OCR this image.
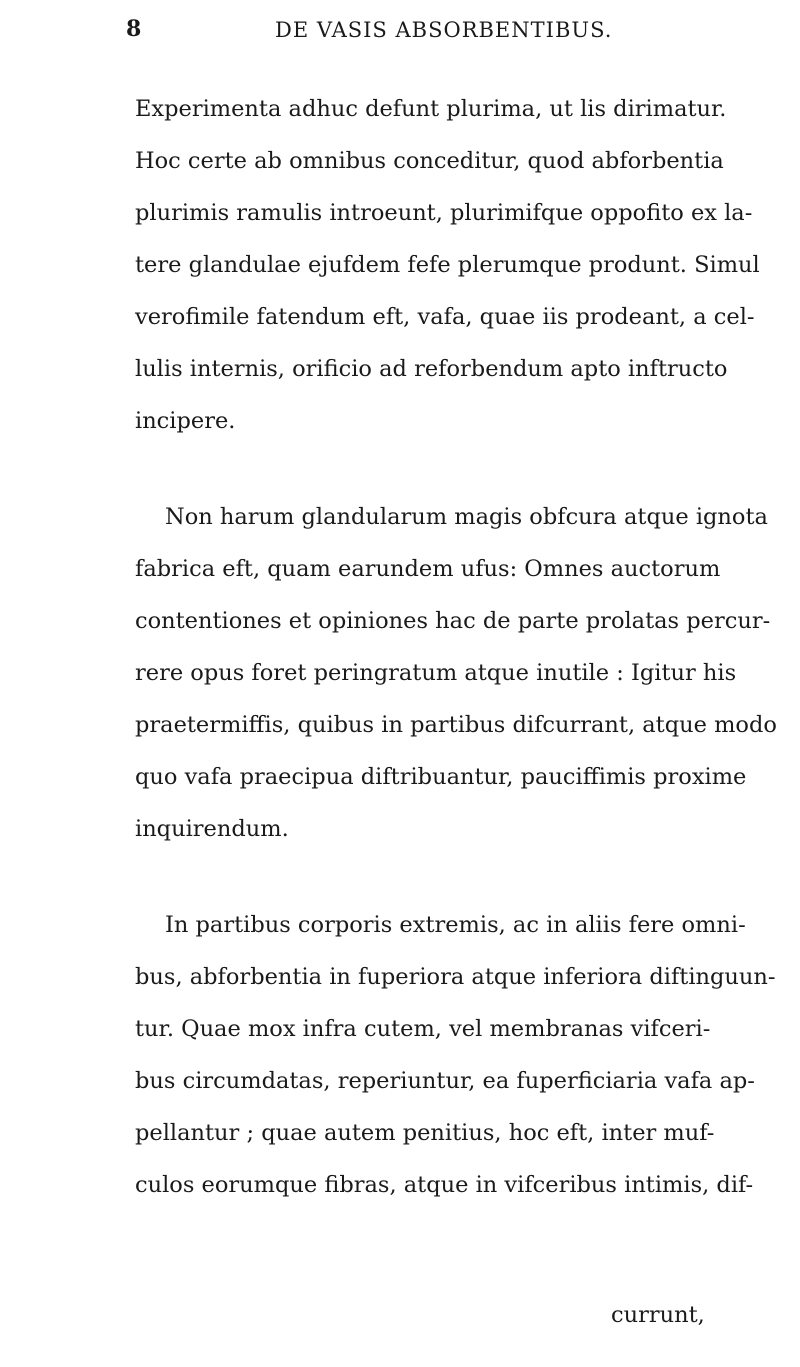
8	DE VASIS ABSORBENTIBUS.
Experimenta adhuc defunt plurima, ut lis dirimatur.
Hoc certe ab omnibus conceditur, quod abforbentia
plurimis ramulis introeunt, plurimifque oppofito ex la-
tere glandulae ejufdem fefe plerumque produnt. Simul
verofimile fatendum eft, vafa, quae iis prodeant, a cel-
lulis internis, orificio ad reforbendum apto inftructo
incipere.
Non harum glandularum magis obfcura atque ignota
fabrica eft, quam earundem ufus: Omnes auctorum
contentiones et opiniones hac de parte prolatas percur-
rere opus foret peringratum atque inutile : Igitur his
praetermiffis, quibus in partibus difcurrant, atque modo
quo vafa praecipua diftribuantur, pauciffimis proxime
inquirendum.
In partibus corporis extremis, ac in aliis fere omni-
bus, abforbentia in fuperiora atque inferiora diftinguun-
tur. Quae mox infra cutem, vel membranas vifceri-
bus circumdatas, reperiuntur, ea fuperficiaria vafa ap-
pellantur ; quae autem penitius, hoc eft, inter muf-
culos eorumque fibras, atque in vifceribus intimis, dif-
currunt,
